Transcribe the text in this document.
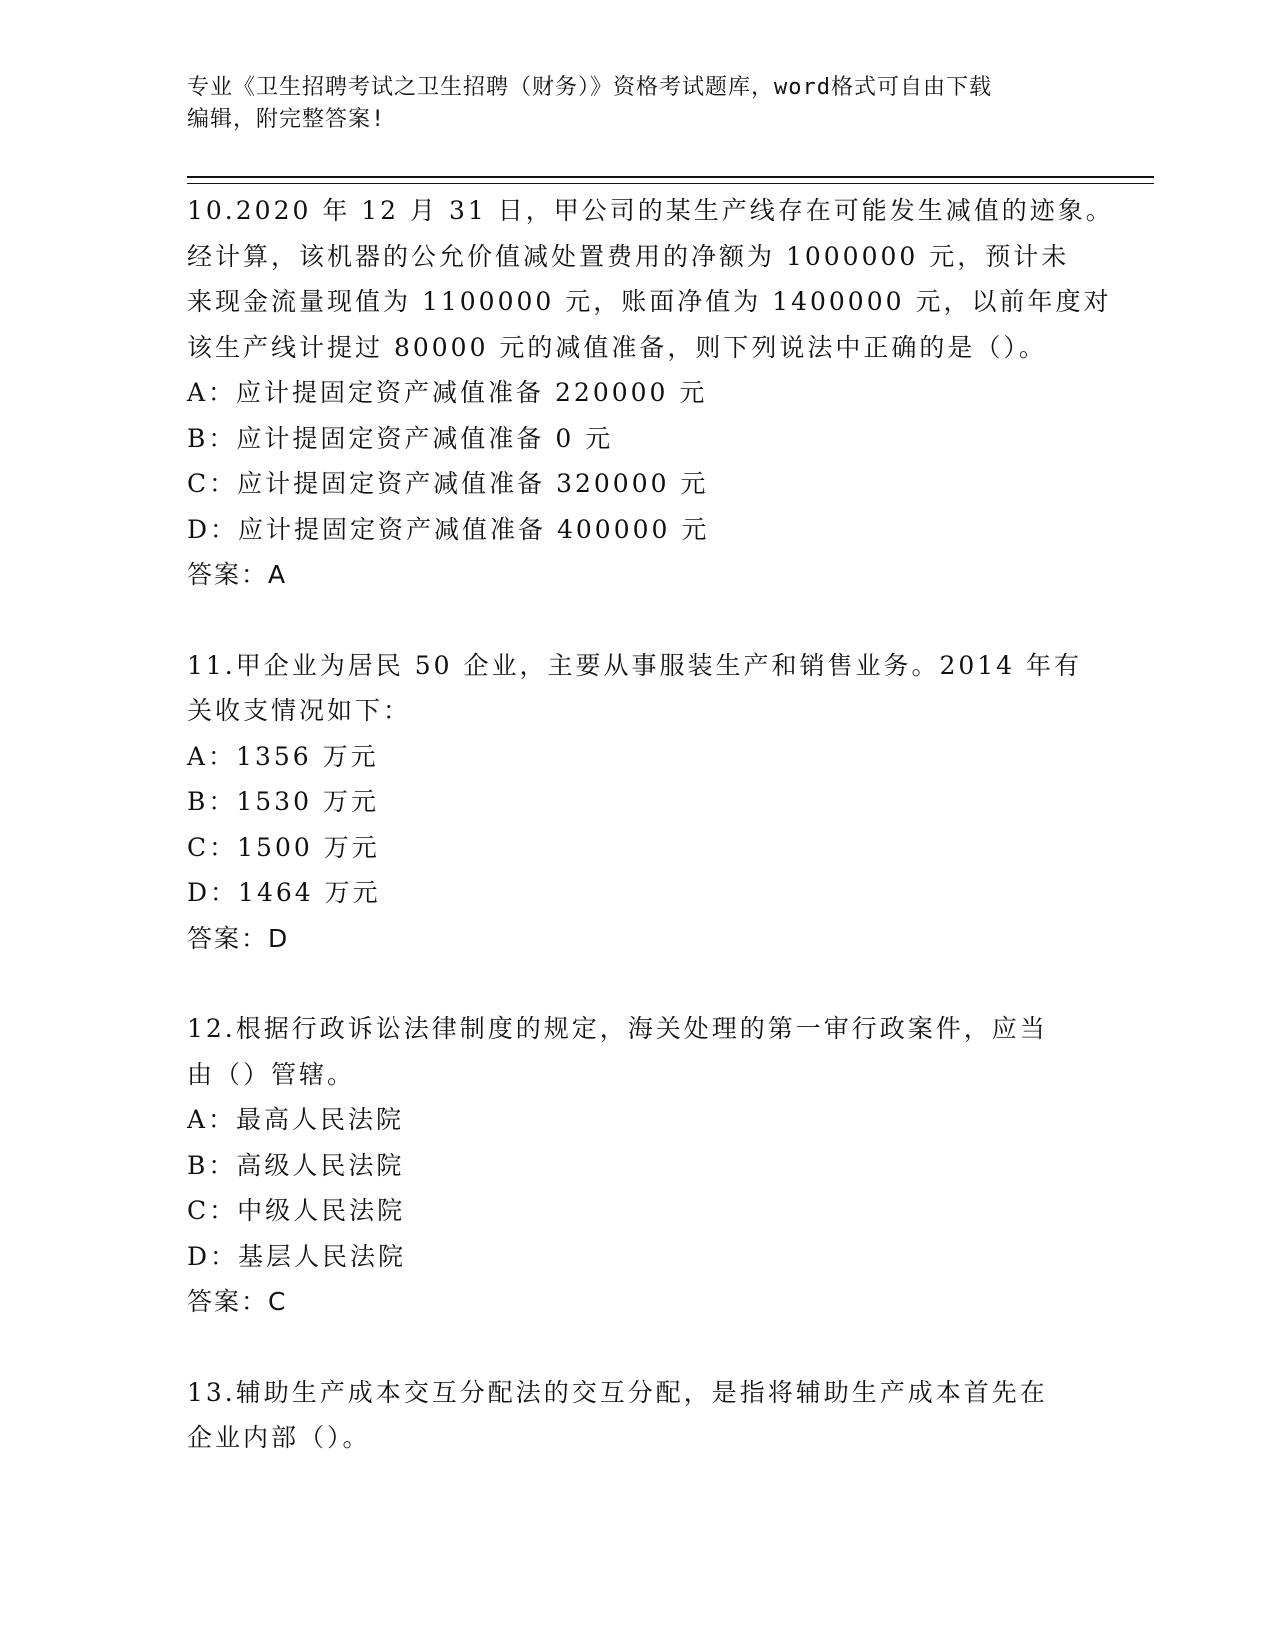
专业《卫生招聘考试之卫生招聘（财务）》资格考试题库，word格式可自由下载
编辑，附完整答案!
10.2020 年 12 月 31 日，甲公司的某生产线存在可能发生减值的迹象。
经计算，该机器的公允价值减处置费用的净额为 1000000 元，预计未
来现金流量现值为 1100000 元，账面净值为 1400000 元，以前年度对
该生产线计提过 80000 元的减值准备，则下列说法中正确的是（）。
A：应计提固定资产减值准备 220000 元
B：应计提固定资产减值准备 0 元
C：应计提固定资产减值准备 320000 元
D：应计提固定资产减值准备 400000 元
答案：A
11.甲企业为居民 50 企业，主要从事服装生产和销售业务。2014 年有
关收支情况如下：
A：1356 万元
B：1530 万元
C：1500 万元
D：1464 万元
答案：D
12.根据行政诉讼法律制度的规定，海关处理的第一审行政案件，应当
由（）管辖。
A：最高人民法院
B：高级人民法院
C：中级人民法院
D：基层人民法院
答案：C
13.辅助生产成本交互分配法的交互分配，是指将辅助生产成本首先在
企业内部（）。
